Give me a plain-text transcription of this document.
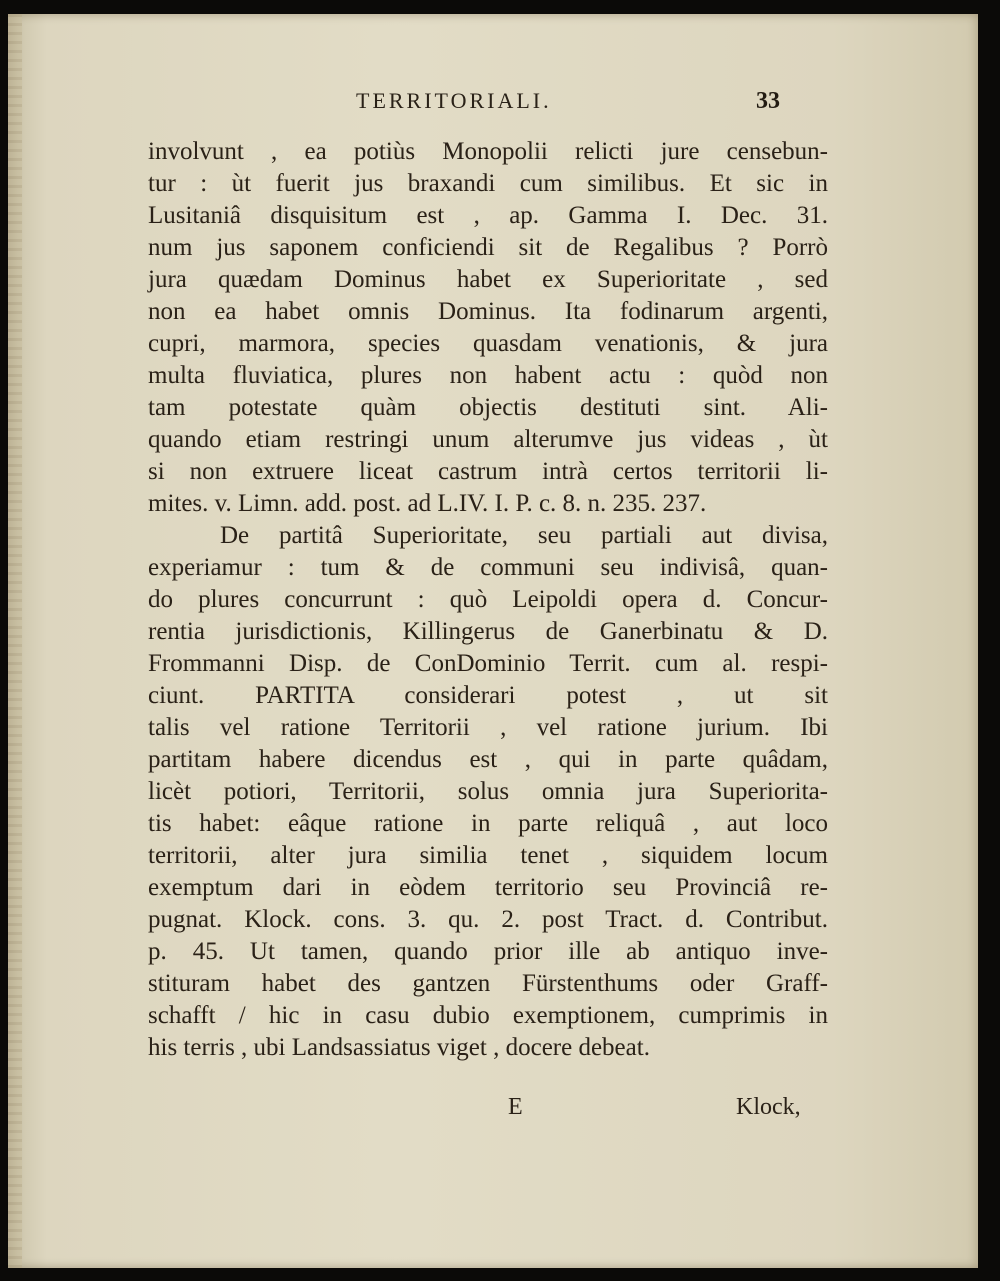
TERRITORIALI.	33
involvunt , ea potiùs Monopolii relicti jure censebun-
tur : ùt fuerit jus braxandi cum similibus. Et sic in
Lusitaniâ disquisitum est , ap. Gamma I. Dec. 31.
num jus saponem conficiendi sit de Regalibus ? Porrò
jura quædam Dominus habet ex Superioritate , sed
non ea habet omnis Dominus. Ita fodinarum argenti,
cupri, marmora, species quasdam venationis, & jura
multa fluviatica, plures non habent actu : quòd non
tam potestate quàm objectis destituti sint. Ali-
quando etiam restringi unum alterumve jus videas , ùt
si non extruere liceat castrum intrà certos territorii li-
mites. v. Limn. add. post. ad L.IV. I. P. c. 8. n. 235. 237.
De partitâ Superioritate, seu partiali aut divisa,
experiamur : tum & de communi seu indivisâ, quan-
do plures concurrunt : quò Leipoldi opera d. Concur-
rentia jurisdictionis, Killingerus de Ganerbinatu & D.
Frommanni Disp. de ConDominio Territ. cum al. respi-
ciunt. PARTITA considerari potest , ut sit
talis vel ratione Territorii , vel ratione jurium. Ibi
partitam habere dicendus est , qui in parte quâdam,
licèt potiori, Territorii, solus omnia jura Superiorita-
tis habet: eâque ratione in parte reliquâ , aut loco
territorii, alter jura similia tenet , siquidem locum
exemptum dari in eòdem territorio seu Provinciâ re-
pugnat. Klock. cons. 3. qu. 2. post Tract. d. Contribut.
p. 45. Ut tamen, quando prior ille ab antiquo inve-
stituram habet des gantzen Fürstenthums oder Graff-
schafft / hic in casu dubio exemptionem, cumprimis in
his terris , ubi Landsassiatus viget , docere debeat.
E	Klock,
